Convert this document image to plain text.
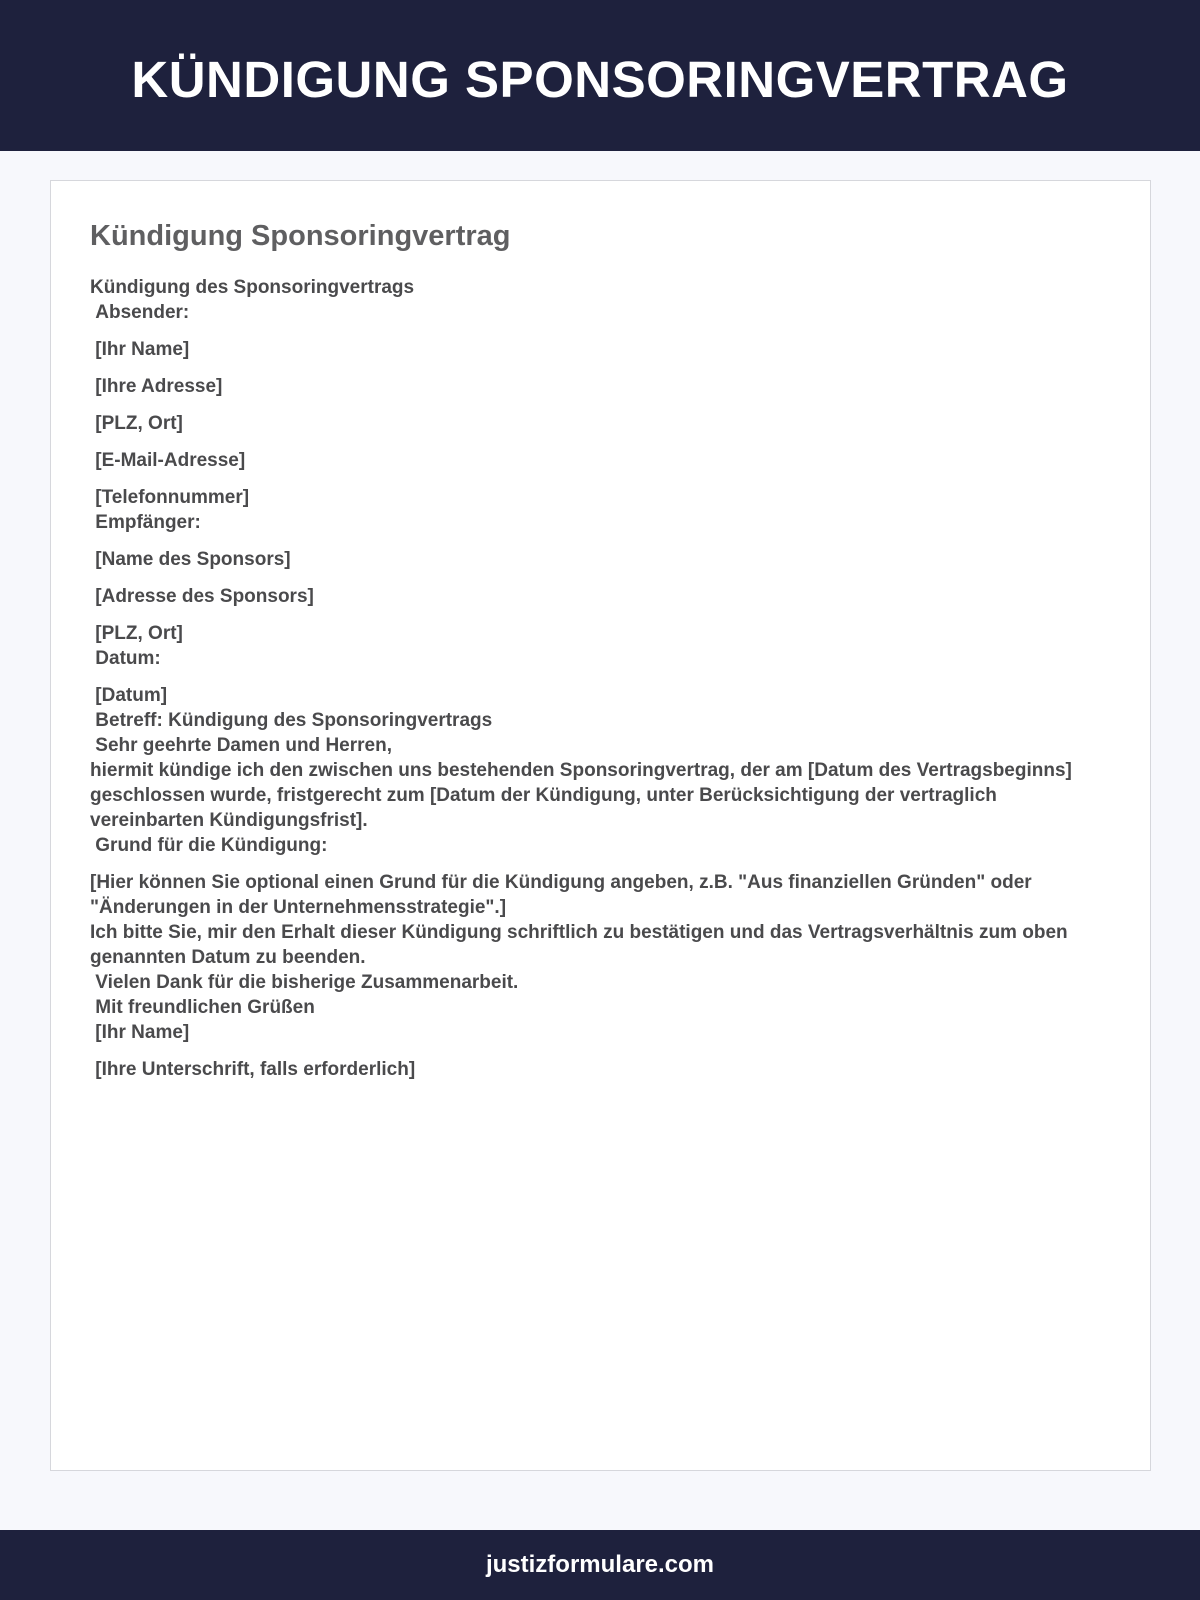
KÜNDIGUNG SPONSORINGVERTRAG
Kündigung Sponsoringvertrag
Kündigung des Sponsoringvertrags
Absender:
[Ihr Name]
[Ihre Adresse]
[PLZ, Ort]
[E-Mail-Adresse]
[Telefonnummer]
Empfänger:
[Name des Sponsors]
[Adresse des Sponsors]
[PLZ, Ort]
Datum:
[Datum]
Betreff: Kündigung des Sponsoringvertrags
Sehr geehrte Damen und Herren,
hiermit kündige ich den zwischen uns bestehenden Sponsoringvertrag, der am [Datum des Vertragsbeginns] geschlossen wurde, fristgerecht zum [Datum der Kündigung, unter Berücksichtigung der vertraglich vereinbarten Kündigungsfrist].
Grund für die Kündigung:
[Hier können Sie optional einen Grund für die Kündigung angeben, z.B. "Aus finanziellen Gründen" oder "Änderungen in der Unternehmensstrategie".]
Ich bitte Sie, mir den Erhalt dieser Kündigung schriftlich zu bestätigen und das Vertragsverhältnis zum oben genannten Datum zu beenden.
Vielen Dank für die bisherige Zusammenarbeit.
Mit freundlichen Grüßen
[Ihr Name]
[Ihre Unterschrift, falls erforderlich]
justizformulare.com
